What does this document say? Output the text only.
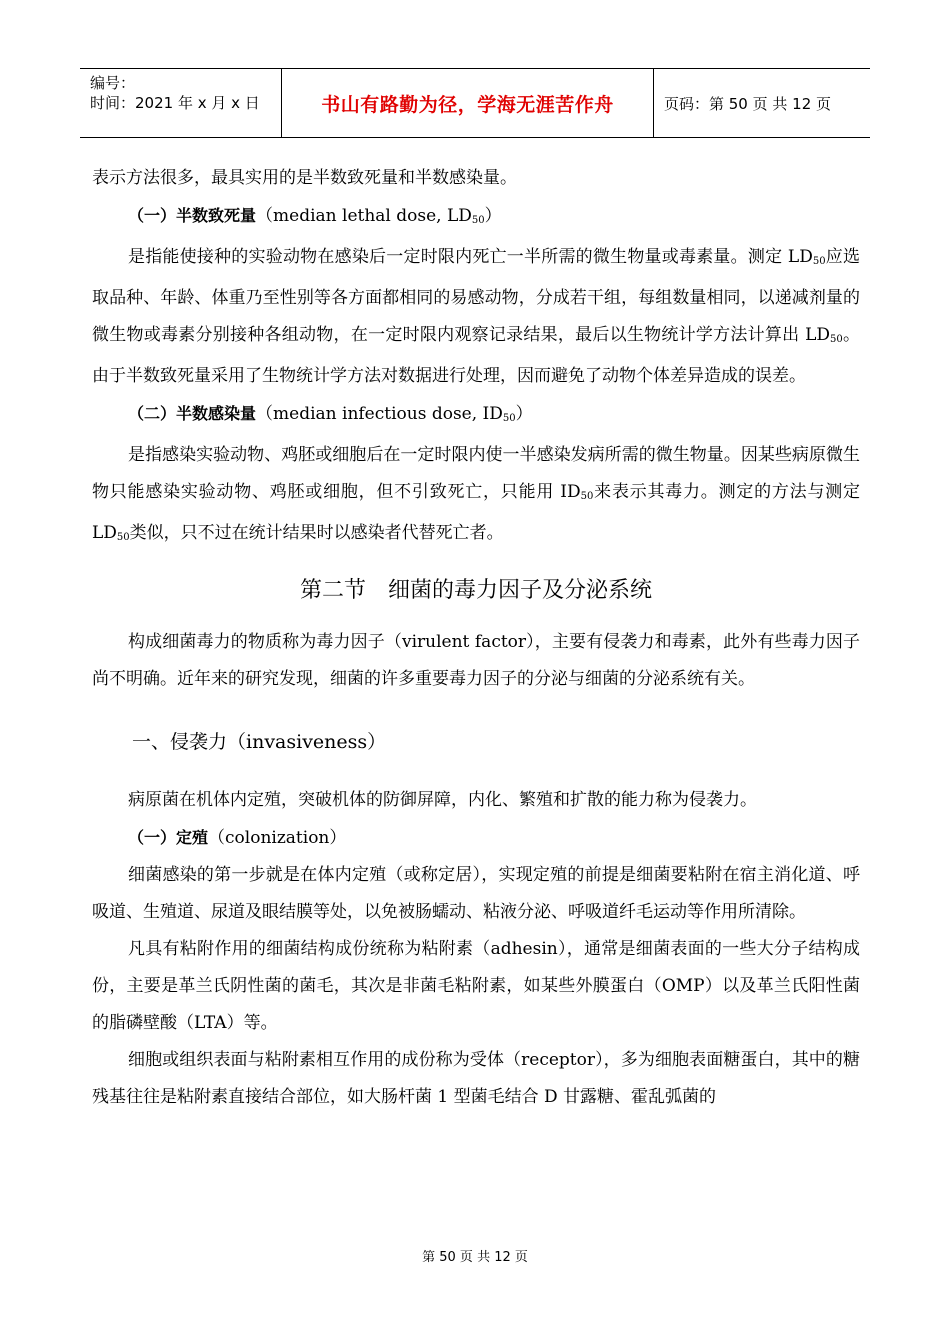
编号：
时间：2021 年 x 月 x 日	书山有路勤为径，学海无涯苦作舟	页码：第 50 页 共 12 页

表示方法很多，最具实用的是半数致死量和半数感染量。

（一）半数致死量（median lethal dose, $LD_{50}$）

是指能使接种的实验动物在感染后一定时限内死亡一半所需的微生物量或毒素量。测定 $LD_{50}$应选取品种、年龄、体重乃至性别等各方面都相同的易感动物，分成若干组，每组数量相同，以递减剂量的微生物或毒素分别接种各组动物，在一定时限内观察记录结果，最后以生物统计学方法计算出 $LD_{50}$。由于半数致死量采用了生物统计学方法对数据进行处理，因而避免了动物个体差异造成的误差。

（二）半数感染量（median infectious dose, $ID_{50}$）

是指感染实验动物、鸡胚或细胞后在一定时限内使一半感染发病所需的微生物量。因某些病原微生物只能感染实验动物、鸡胚或细胞，但不引致死亡，只能用 $ID_{50}$来表示其毒力。测定的方法与测定 $LD_{50}$类似，只不过在统计结果时以感染者代替死亡者。

第二节　细菌的毒力因子及分泌系统

构成细菌毒力的物质称为毒力因子（virulent factor），主要有侵袭力和毒素，此外有些毒力因子尚不明确。近年来的研究发现，细菌的许多重要毒力因子的分泌与细菌的分泌系统有关。

一、侵袭力（invasiveness）

病原菌在机体内定殖，突破机体的防御屏障，内化、繁殖和扩散的能力称为侵袭力。

（一）定殖（colonization）

细菌感染的第一步就是在体内定殖（或称定居），实现定殖的前提是细菌要粘附在宿主消化道、呼吸道、生殖道、尿道及眼结膜等处，以免被肠蠕动、粘液分泌、呼吸道纤毛运动等作用所清除。

凡具有粘附作用的细菌结构成份统称为粘附素（adhesin），通常是细菌表面的一些大分子结构成份，主要是革兰氏阴性菌的菌毛，其次是非菌毛粘附素，如某些外膜蛋白（OMP）以及革兰氏阳性菌的脂磷壁酸（LTA）等。

细胞或组织表面与粘附素相互作用的成份称为受体（receptor），多为细胞表面糖蛋白，其中的糖残基往往是粘附素直接结合部位，如大肠杆菌 1 型菌毛结合 D 甘露糖、霍乱弧菌的

第 50 页 共 12 页
